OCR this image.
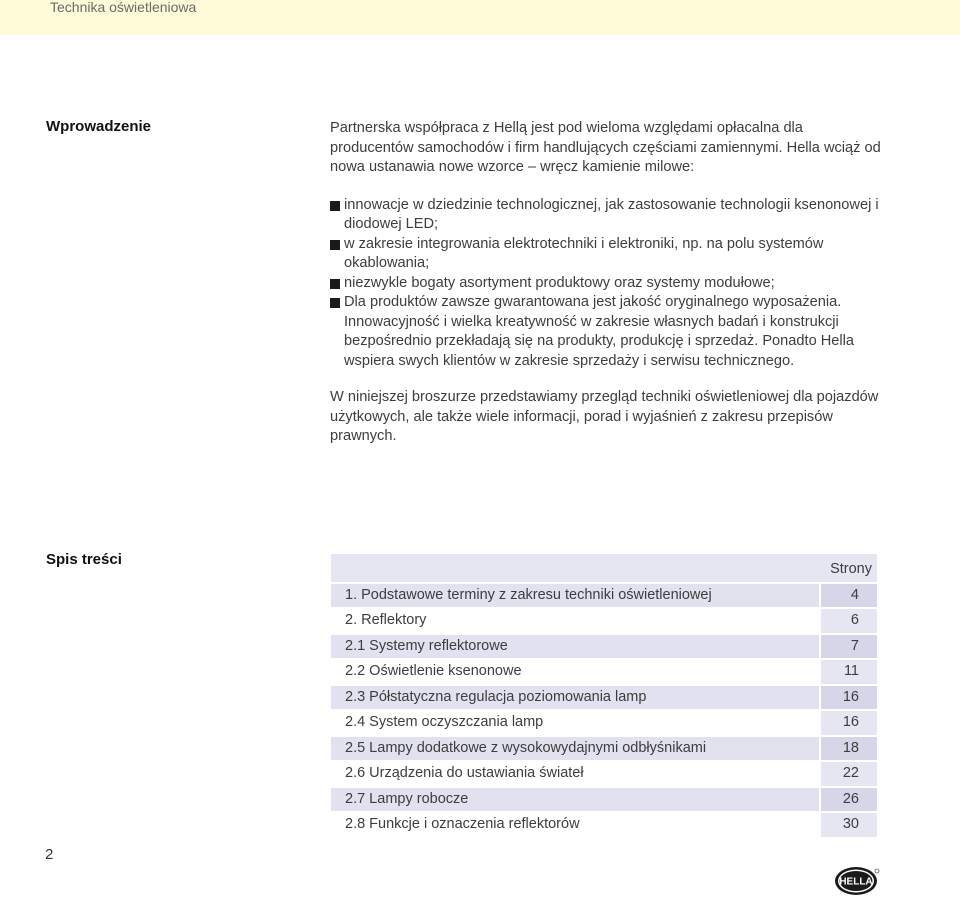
Technika oświetleniowa
Wprowadzenie	Partnerska współpraca z Hellą jest pod wieloma względami opłacalna dla producentów samochodów i firm handlujących częściami zamiennymi. Hella wciąż od nowa ustanawia nowe wzorce – wręcz kamienie milowe:

innowacje w dziedzinie technologicznej, jak zastosowanie technologii ksenonowej i diodowej LED;
w zakresie integrowania elektrotechniki i elektroniki, np. na polu systemów okablowania;
niezwykle bogaty asortyment produktowy oraz systemy modułowe;
Dla produktów zawsze gwarantowana jest jakość oryginalnego wyposażenia. Innowacyjność i wielka kreatywność w zakresie własnych badań i konstrukcji bezpośrednio przekładają się na produkty, produkcję i sprzedaż. Ponadto Hella wspiera swych klientów w zakresie sprzedaży i serwisu technicznego.

W niniejszej broszurze przedstawiamy przegląd techniki oświetleniowej dla pojazdów użytkowych, ale także wiele informacji, porad i wyjaśnień z zakresu przepisów prawnych.

Spis treści
Strony
1. Podstawowe terminy z zakresu techniki oświetleniowej	4
2. Reflektory	6
2.1 Systemy reflektorowe	7
2.2 Oświetlenie ksenonowe	11
2.3 Półstatyczna regulacja poziomowania lamp	16
2.4 System oczyszczania lamp	16
2.5 Lampy dodatkowe z wysokowydajnymi odbłyśnikami	18
2.6 Urządzenia do ustawiania świateł	22
2.7 Lampy robocze	26
2.8 Funkcje i oznaczenia reflektorów	30
2
HELLA
